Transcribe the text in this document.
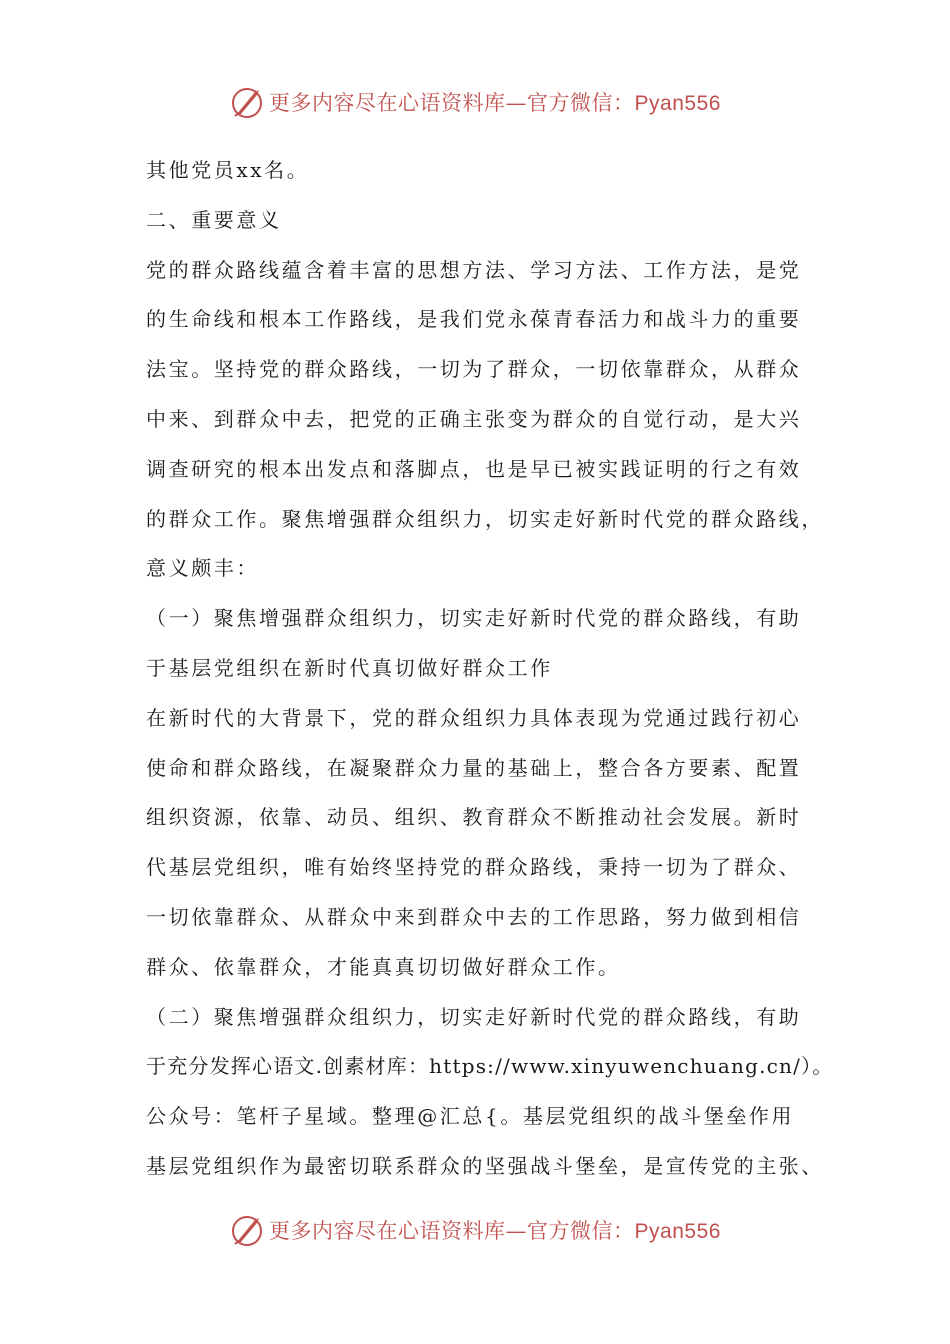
更多内容尽在心语资料库—官方微信：Pyan556
其他党员xx名。
二、重要意义
党的群众路线蕴含着丰富的思想方法、学习方法、工作方法，是党
的生命线和根本工作路线，是我们党永葆青春活力和战斗力的重要
法宝。坚持党的群众路线，一切为了群众，一切依靠群众，从群众
中来、到群众中去，把党的正确主张变为群众的自觉行动，是大兴
调查研究的根本出发点和落脚点，也是早已被实践证明的行之有效
的群众工作。聚焦增强群众组织力，切实走好新时代党的群众路线，
意义颇丰：
（一）聚焦增强群众组织力，切实走好新时代党的群众路线，有助
于基层党组织在新时代真切做好群众工作
在新时代的大背景下，党的群众组织力具体表现为党通过践行初心
使命和群众路线，在凝聚群众力量的基础上，整合各方要素、配置
组织资源，依靠、动员、组织、教育群众不断推动社会发展。新时
代基层党组织，唯有始终坚持党的群众路线，秉持一切为了群众、
一切依靠群众、从群众中来到群众中去的工作思路，努力做到相信
群众、依靠群众，才能真真切切做好群众工作。
（二）聚焦增强群众组织力，切实走好新时代党的群众路线，有助
于充分发挥心语文.创素材库：https://www.xinyuwenchuang.cn/）。
公众号：笔杆子星域。整理@汇总{。基层党组织的战斗堡垒作用
基层党组织作为最密切联系群众的坚强战斗堡垒，是宣传党的主张、
更多内容尽在心语资料库—官方微信：Pyan556
